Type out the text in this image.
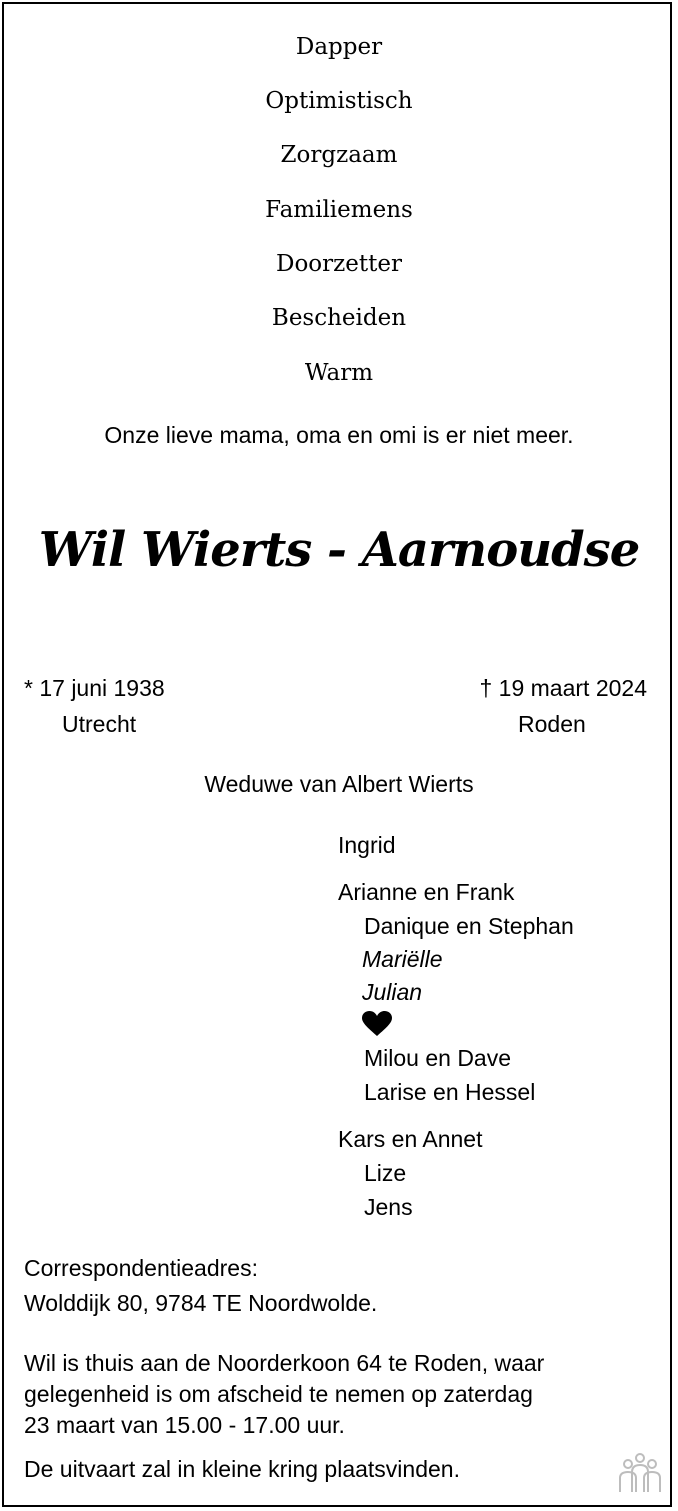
Dapper
Optimistisch
Zorgzaam
Familiemens
Doorzetter
Bescheiden
Warm
Onze lieve mama, oma en omi is er niet meer.
Wil Wierts - Aarnoudse
* 17 juni 1938
Utrecht
† 19 maart 2024
Roden
Weduwe van Albert Wierts
Ingrid
Arianne en Frank
Danique en Stephan
Mariëlle
Julian
Milou en Dave
Larise en Hessel
Kars en Annet
Lize
Jens
Correspondentieadres:
Wolddijk 80, 9784 TE Noordwolde.
Wil is thuis aan de Noorderkoon 64 te Roden, waar
gelegenheid is om afscheid te nemen op zaterdag
23 maart van 15.00 - 17.00 uur.
De uitvaart zal in kleine kring plaatsvinden.
